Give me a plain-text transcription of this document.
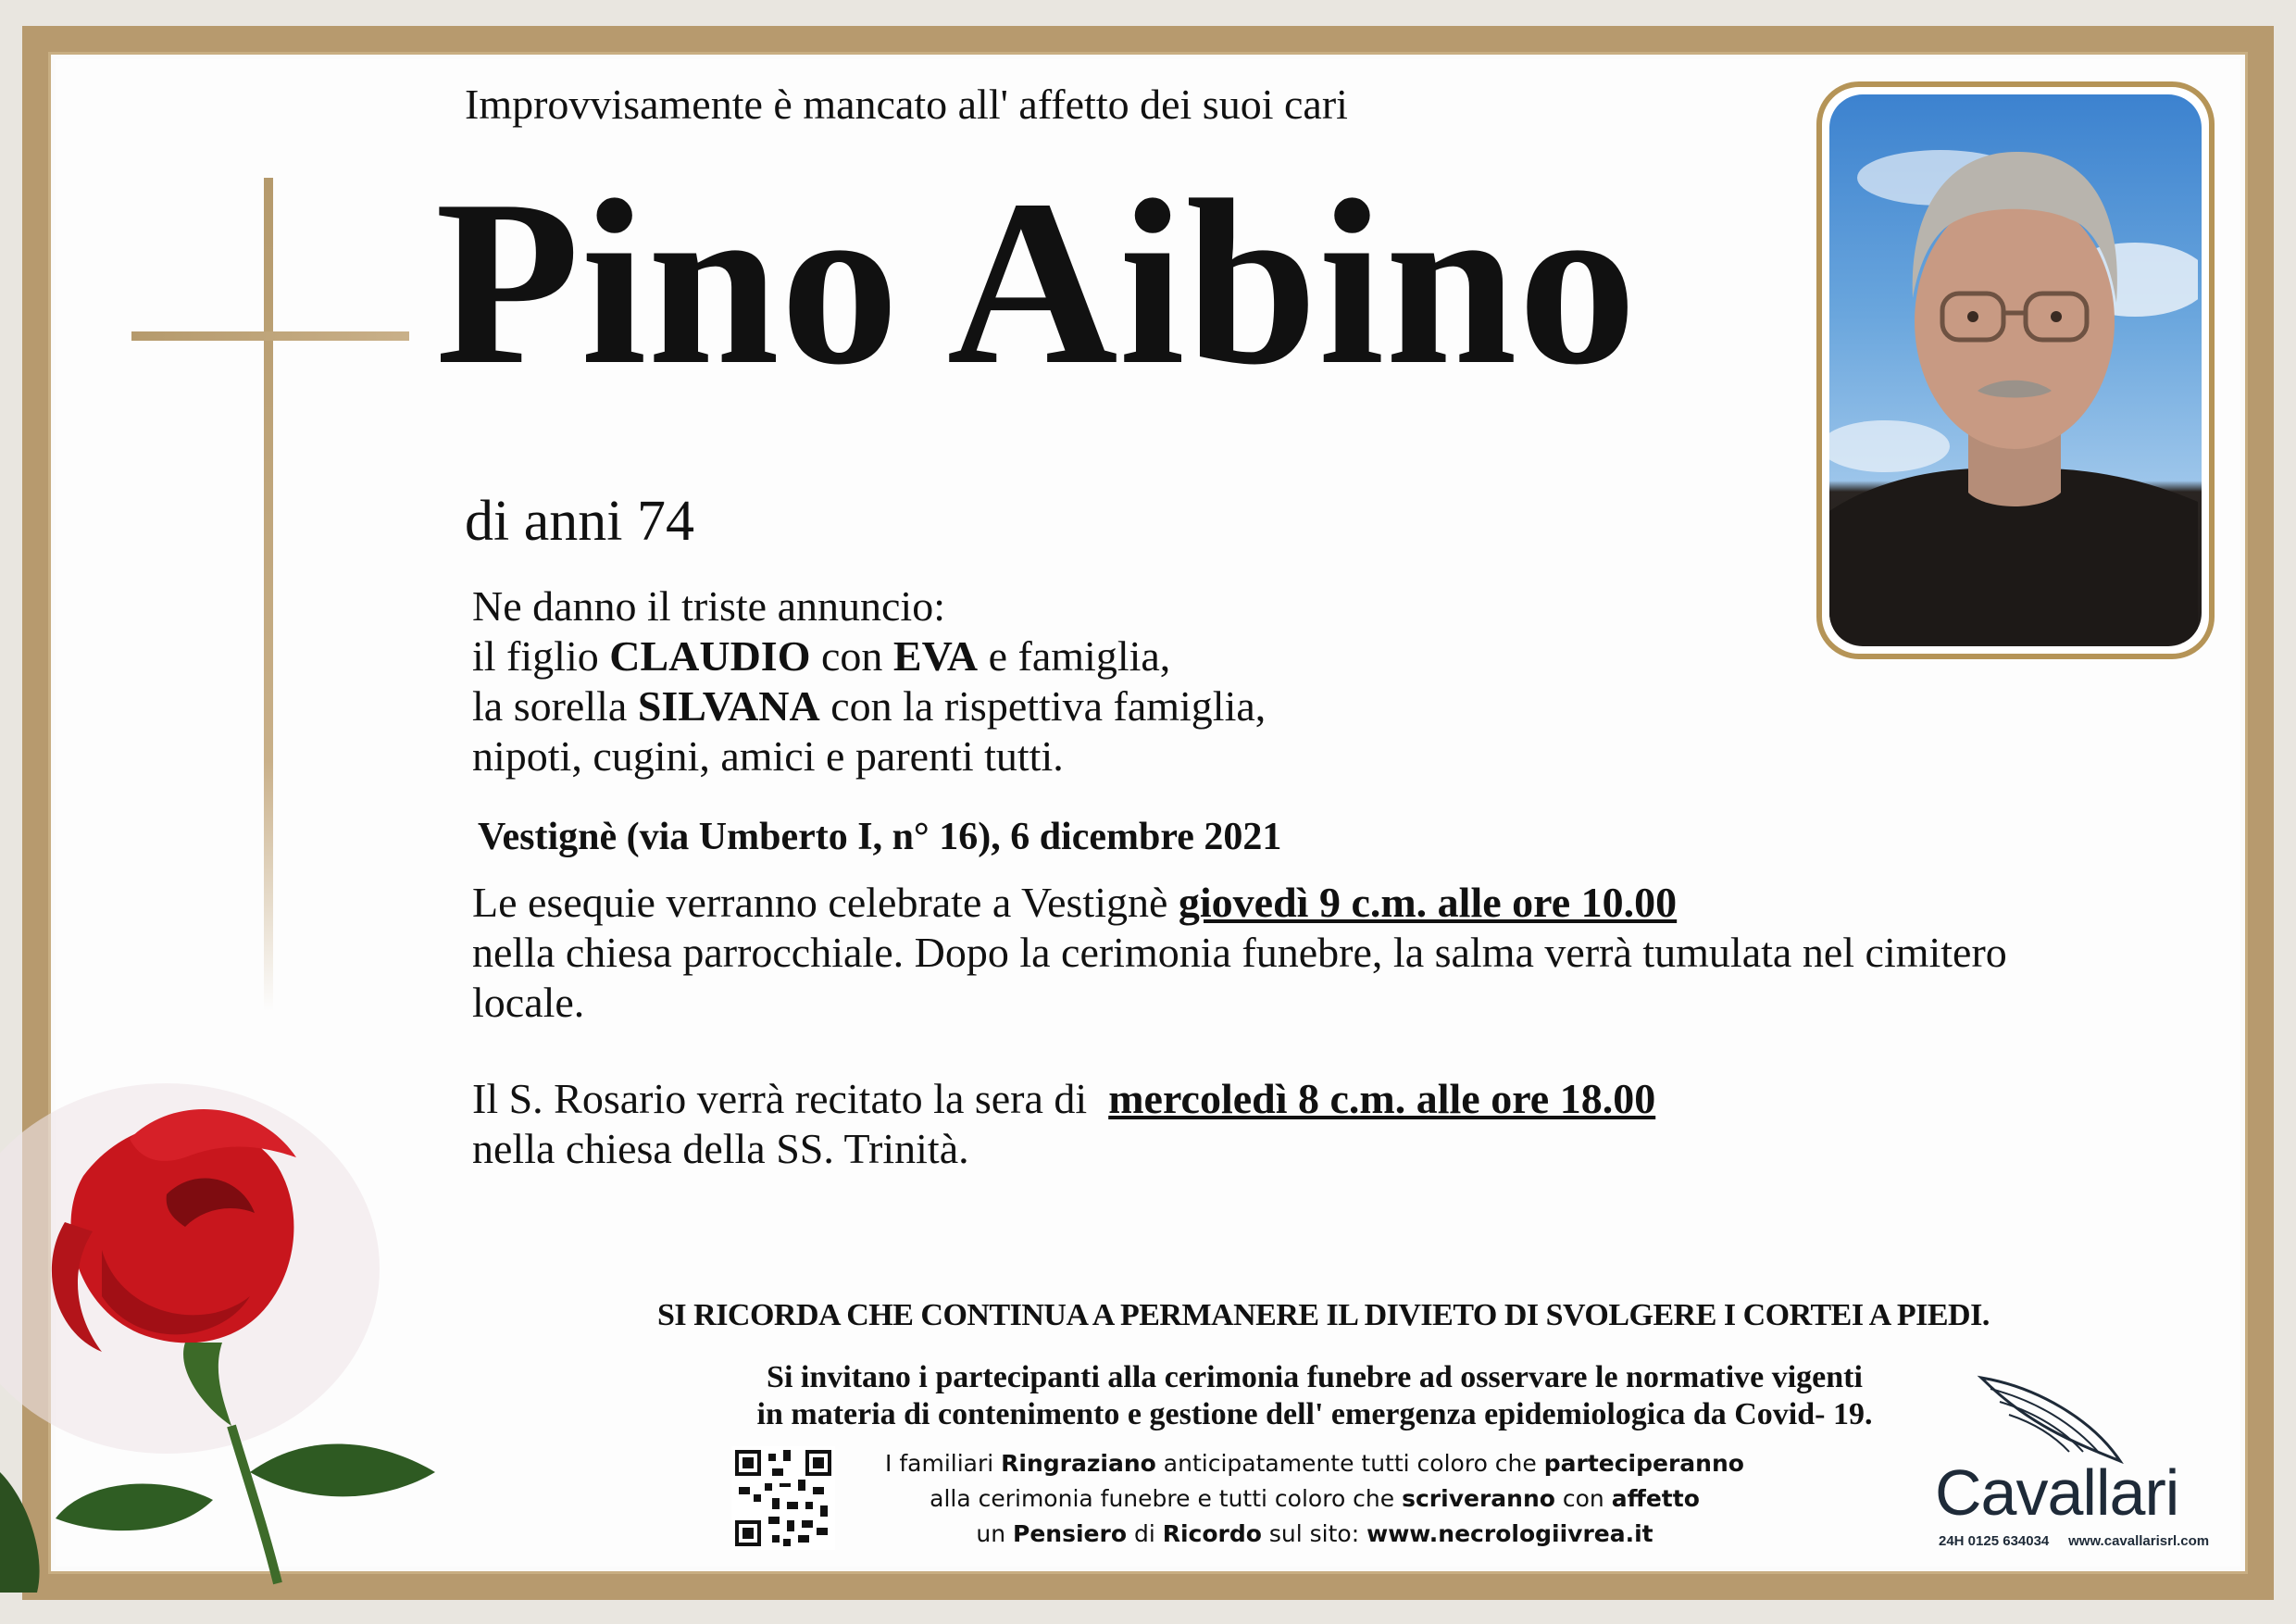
Improvvisamente è mancato all' affetto dei suoi cari
Pino Aibino
di anni 74
Ne danno il triste annuncio:
il figlio CLAUDIO con EVA e famiglia,
la sorella SILVANA con la rispettiva famiglia,
nipoti, cugini, amici e parenti tutti.
Vestignè (via Umberto I, n° 16), 6 dicembre 2021
Le esequie verranno celebrate a Vestignè giovedì 9 c.m. alle ore 10.00
nella chiesa parrocchiale. Dopo la cerimonia funebre, la salma verrà tumulata nel cimitero locale.
Il S. Rosario verrà recitato la sera di  mercoledì 8 c.m. alle ore 18.00
nella chiesa della SS. Trinità.
SI RICORDA CHE CONTINUA A PERMANERE IL DIVIETO DI SVOLGERE I CORTEI A PIEDI.
Si invitano i partecipanti alla cerimonia funebre ad osservare le normative vigenti
in materia di contenimento e gestione dell' emergenza epidemiologica da Covid- 19.
I familiari Ringraziano anticipatamente tutti coloro che parteciperanno
alla cerimonia funebre e tutti coloro che scriveranno con affetto
un Pensiero di Ricordo sul sito: www.necrologiivrea.it
Cavallari
24H 0125 634034     www.cavallarisrl.com
